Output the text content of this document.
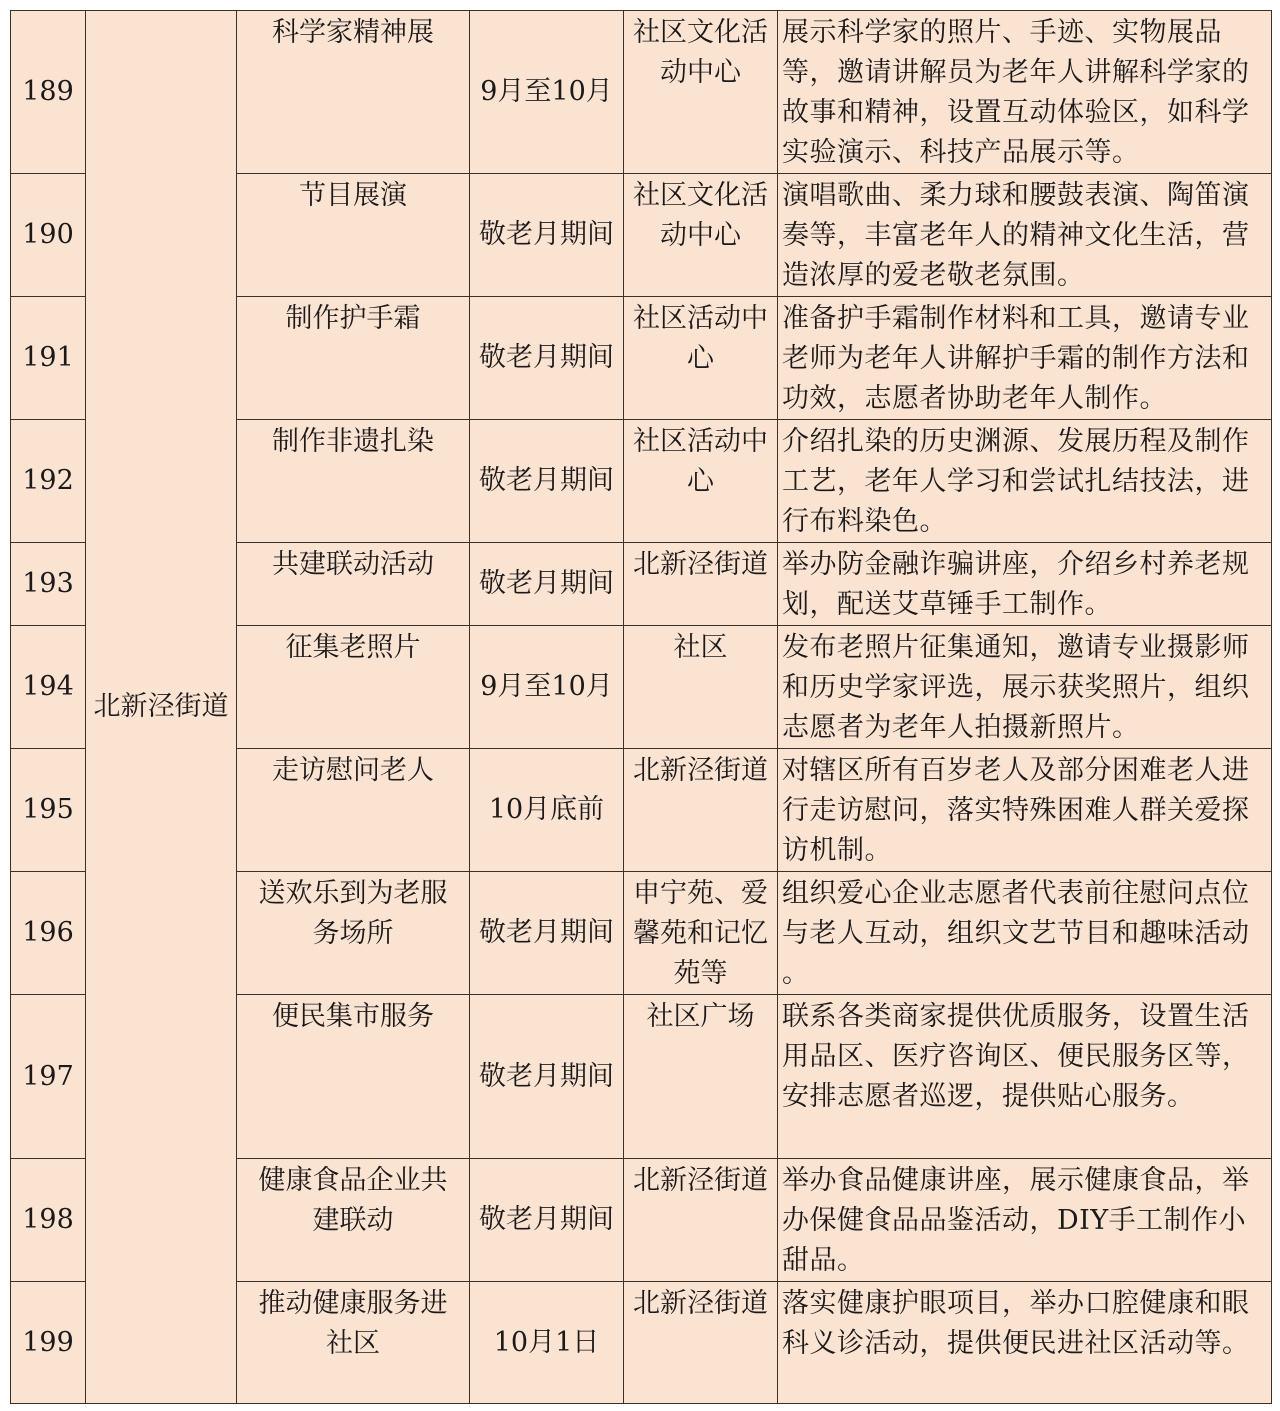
189	北新泾街道	科学家精神展	9月至10月	社区文化活
动中心	展示科学家的照片、手迹、实物展品
等，邀请讲解员为老年人讲解科学家的
故事和精神，设置互动体验区，如科学
实验演示、科技产品展示等。
190		节目展演	敬老月期间	社区文化活
动中心	演唱歌曲、柔力球和腰鼓表演、陶笛演
奏等，丰富老年人的精神文化生活，营
造浓厚的爱老敬老氛围。
191		制作护手霜	敬老月期间	社区活动中
心	准备护手霜制作材料和工具，邀请专业
老师为老年人讲解护手霜的制作方法和
功效，志愿者协助老年人制作。
192		制作非遗扎染	敬老月期间	社区活动中
心	介绍扎染的历史渊源、发展历程及制作
工艺，老年人学习和尝试扎结技法，进
行布料染色。
193		共建联动活动	敬老月期间	北新泾街道	举办防金融诈骗讲座，介绍乡村养老规
划，配送艾草锤手工制作。
194		征集老照片	9月至10月	社区	发布老照片征集通知，邀请专业摄影师
和历史学家评选，展示获奖照片，组织
志愿者为老年人拍摄新照片。
195		走访慰问老人	10月底前	北新泾街道	对辖区所有百岁老人及部分困难老人进
行走访慰问，落实特殊困难人群关爱探
访机制。
196		送欢乐到为老服
务场所	敬老月期间	申宁苑、爱
馨苑和记忆
苑等	组织爱心企业志愿者代表前往慰问点位
与老人互动，组织文艺节目和趣味活动
。
197		便民集市服务	敬老月期间	社区广场	联系各类商家提供优质服务，设置生活
用品区、医疗咨询区、便民服务区等，
安排志愿者巡逻，提供贴心服务。
198		健康食品企业共
建联动	敬老月期间	北新泾街道	举办食品健康讲座，展示健康食品，举
办保健食品品鉴活动，DIY手工制作小
甜品。
199		推动健康服务进
社区	10月1日	北新泾街道	落实健康护眼项目，举办口腔健康和眼
科义诊活动，提供便民进社区活动等。
